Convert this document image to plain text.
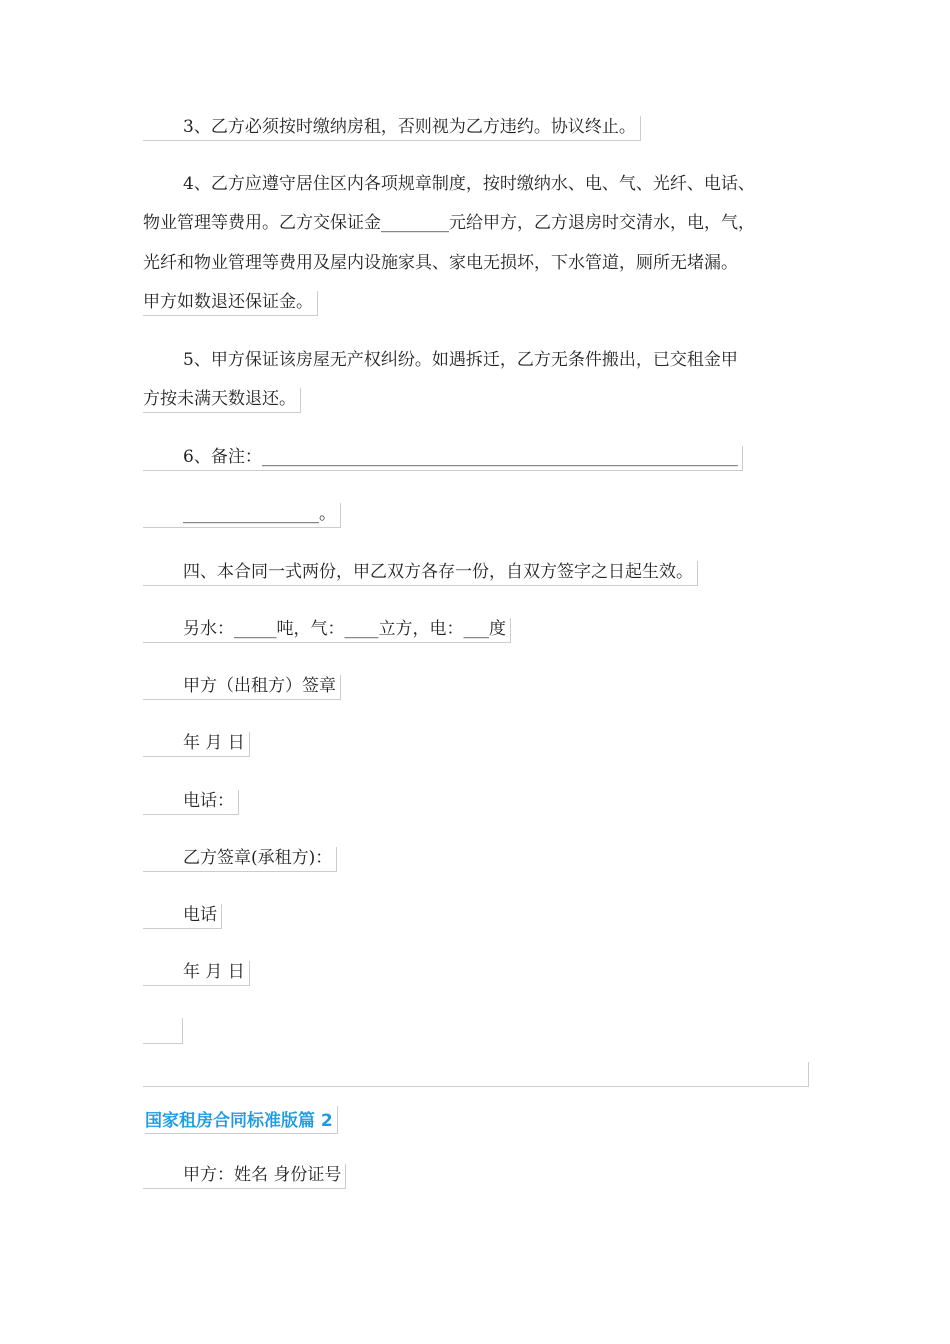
3、乙方必须按时缴纳房租，否则视为乙方违约。协议终止。
4、乙方应遵守居住区内各项规章制度，按时缴纳水、电、气、光纤、电话、
物业管理等费用。乙方交保证金________元给甲方，乙方退房时交清水，电，气，
光纤和物业管理等费用及屋内设施家具、家电无损坏，下水管道，厕所无堵漏。
甲方如数退还保证金。
5、甲方保证该房屋无产权纠纷。如遇拆迁，乙方无条件搬出，已交租金甲
方按未满天数退还。
6、备注：________________________________________________________
________________。
四、本合同一式两份，甲乙双方各存一份，自双方签字之日起生效。
另水：_____吨，气：____立方，电：___度
甲方（出租方）签章
年 月 日
电话：
乙方签章(承租方)：
电话
年 月 日
国家租房合同标准版篇 2
甲方：姓名 身份证号
